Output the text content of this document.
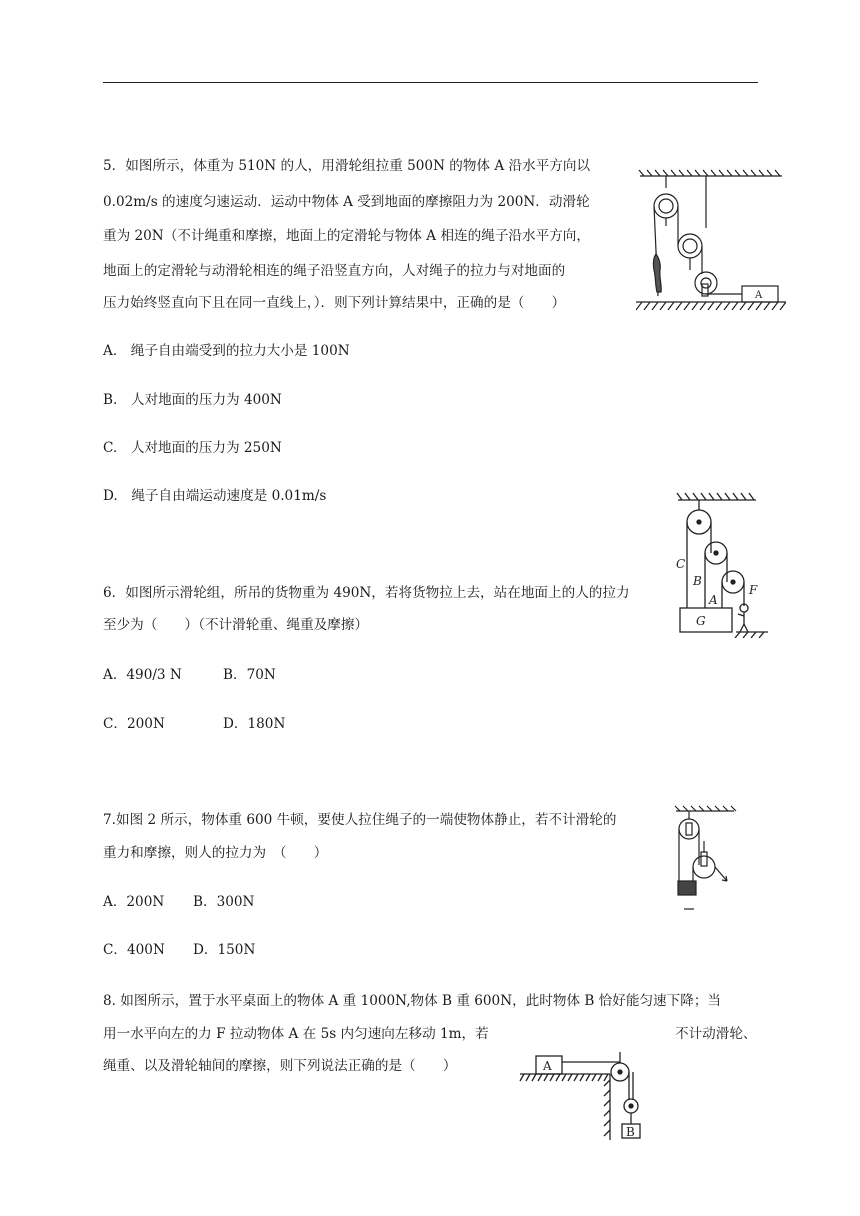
5．如图所示，体重为 510N 的人，用滑轮组拉重 500N 的物体 A 沿水平方向以
0.02m/s 的速度匀速运动．运动中物体 A 受到地面的摩擦阻力为 200N．动滑轮
重为 20N（不计绳重和摩擦，地面上的定滑轮与物体 A 相连的绳子沿水平方向，
地面上的定滑轮与动滑轮相连的绳子沿竖直方向，人对绳子的拉力与对地面的
压力始终竖直向下且在同一直线上，）．则下列计算结果中，正确的是（　　）
A.　绳子自由端受到的拉力大小是 100N
B.　人对地面的压力为 400N
C.　人对地面的压力为 250N
D.　绳子自由端运动速度是 0.01m/s
A
6．如图所示滑轮组，所吊的货物重为 490N，若将货物拉上去，站在地面上的人的拉力
至少为（　　）（不计滑轮重、绳重及摩擦）
A．490/3 N	B．70N
C．200N	D．180N
C
B
A
F
G
7.如图 2 所示，物体重 600 牛顿，要使人拉住绳子的一端使物体静止，若不计滑轮的
重力和摩擦，则人的拉力为　（　　）
A．200N B．300N
C．400N D．150N
8. 如图所示，置于水平桌面上的物体 A 重 1000N,物体 B 重 600N，此时物体 B 恰好能匀速下降；当
用一水平向左的力 F 拉动物体 A 在 5s 内匀速向左移动 1m，若	不计动滑轮、
绳重、以及滑轮轴间的摩擦，则下列说法正确的是（　　）	A
B
